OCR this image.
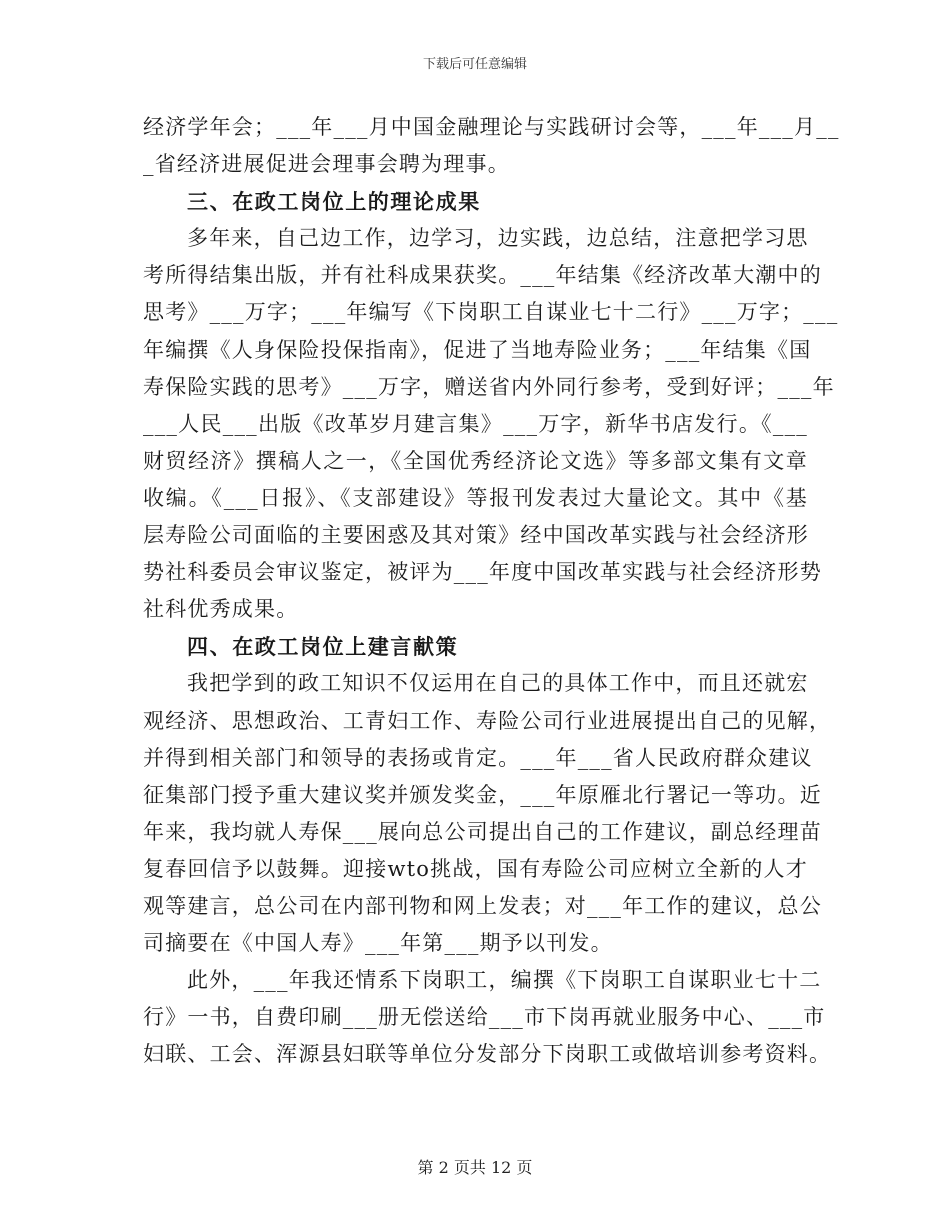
下载后可任意编辑
经济学年会；___年___月中国金融理论与实践研讨会等，___年___月__
_省经济进展促进会理事会聘为理事。
三、在政工岗位上的理论成果
多年来，自己边工作，边学习，边实践，边总结，注意把学习思
考所得结集出版，并有社科成果获奖。___年结集《经济改革大潮中的
思考》___万字；___年编写《下岗职工自谋业七十二行》___万字；___
年编撰《人身保险投保指南》，促进了当地寿险业务；___年结集《国
寿保险实践的思考》___万字，赠送省内外同行参考，受到好评；___年
___人民___出版《改革岁月建言集》___万字，新华书店发行。《___
财贸经济》撰稿人之一，《全国优秀经济论文选》等多部文集有文章
收编。《___日报》、《支部建设》等报刊发表过大量论文。其中《基
层寿险公司面临的主要困惑及其对策》经中国改革实践与社会经济形
势社科委员会审议鉴定，被评为___年度中国改革实践与社会经济形势
社科优秀成果。
四、在政工岗位上建言献策
我把学到的政工知识不仅运用在自己的具体工作中，而且还就宏
观经济、思想政治、工青妇工作、寿险公司行业进展提出自己的见解，
并得到相关部门和领导的表扬或肯定。___年___省人民政府群众建议
征集部门授予重大建议奖并颁发奖金，___年原雁北行署记一等功。近
年来，我均就人寿保___展向总公司提出自己的工作建议，副总经理苗
复春回信予以鼓舞。迎接wto挑战，国有寿险公司应树立全新的人才
观等建言，总公司在内部刊物和网上发表；对___年工作的建议，总公
司摘要在《中国人寿》___年第___期予以刊发。
此外，___年我还情系下岗职工，编撰《下岗职工自谋职业七十二
行》一书，自费印刷___册无偿送给___市下岗再就业服务中心、___市
妇联、工会、浑源县妇联等单位分发部分下岗职工或做培训参考资料。
第 2 页共 12 页
